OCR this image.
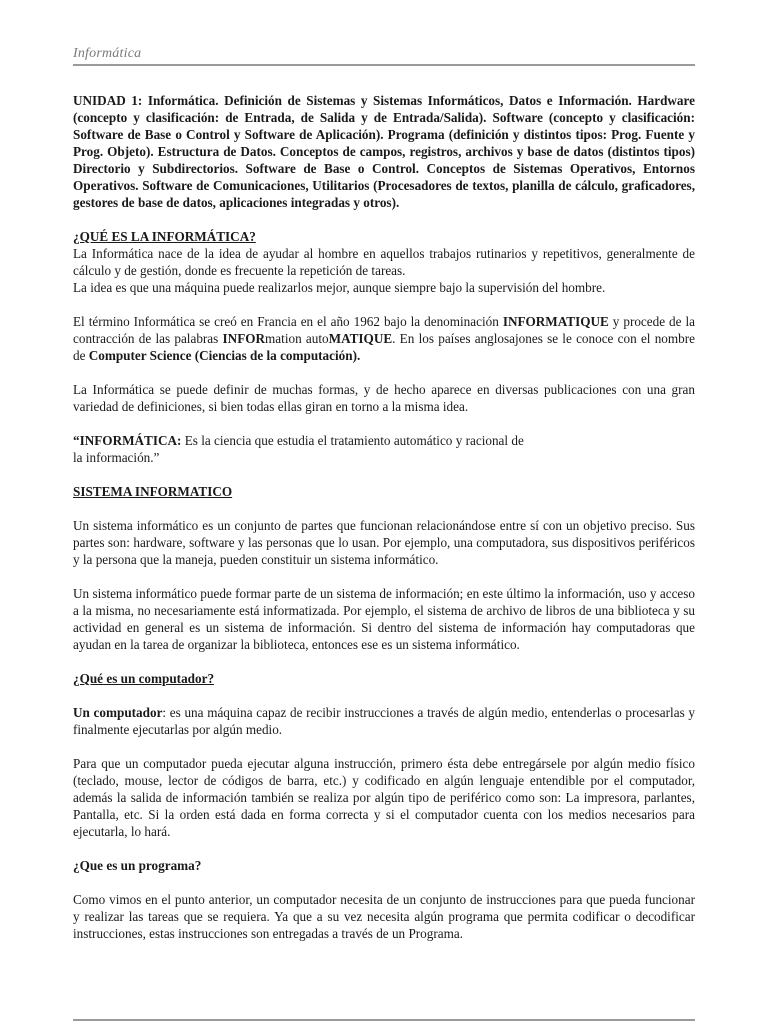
Informática

UNIDAD 1: Informática. Definición de Sistemas y Sistemas Informáticos, Datos e Información. Hardware (concepto y clasificación: de Entrada, de Salida y de Entrada/Salida). Software (concepto y clasificación: Software de Base o Control y Software de Aplicación). Programa (definición y distintos tipos: Prog. Fuente y Prog. Objeto). Estructura de Datos. Conceptos de campos, registros, archivos y base de datos (distintos tipos) Directorio y Subdirectorios. Software de Base o Control. Conceptos de Sistemas Operativos, Entornos Operativos. Software de Comunicaciones, Utilitarios (Procesadores de textos, planilla de cálculo, graficadores, gestores de base de datos, aplicaciones integradas y otros).

¿QUÉ ES LA INFORMÁTICA?

La Informática nace de la idea de ayudar al hombre en aquellos trabajos rutinarios y repetitivos, generalmente de cálculo y de gestión, donde es frecuente la repetición de tareas.

La idea es que una máquina puede realizarlos mejor, aunque siempre bajo la supervisión del hombre.

El término Informática se creó en Francia en el año 1962 bajo la denominación INFORMATIQUE y procede de la contracción de las palabras INFORmation autoMATIQUE. En los países anglosajones se le conoce con el nombre de Computer Science (Ciencias de la computación).

La Informática se puede definir de muchas formas, y de hecho aparece en diversas publicaciones con una gran variedad de definiciones, si bien todas ellas giran en torno a la misma idea.

“INFORMÁTICA: Es la ciencia que estudia el tratamiento automático y racional de
la información.”

SISTEMA INFORMATICO

Un sistema informático es un conjunto de partes que funcionan relacionándose entre sí con un objetivo preciso. Sus partes son: hardware, software y las personas que lo usan. Por ejemplo, una computadora, sus dispositivos periféricos y la persona que la maneja, pueden constituir un sistema informático.

Un sistema informático puede formar parte de un sistema de información; en este último la información, uso y acceso a la misma, no necesariamente está informatizada. Por ejemplo, el sistema de archivo de libros de una biblioteca y su actividad en general es un sistema de información. Si dentro del sistema de información hay computadoras que ayudan en la tarea de organizar la biblioteca, entonces ese es un sistema informático.

¿Qué es un computador?

Un computador: es una máquina capaz de recibir instrucciones a través de algún medio, entenderlas o procesarlas y finalmente ejecutarlas por algún medio.

Para que un computador pueda ejecutar alguna instrucción, primero ésta debe entregársele por algún medio físico (teclado, mouse, lector de códigos de barra, etc.) y codificado en algún lenguaje entendible por el computador, además la salida de información también se realiza por algún tipo de periférico como son: La impresora, parlantes, Pantalla, etc. Si la orden está dada en forma correcta y si el computador cuenta con los medios necesarios para ejecutarla, lo hará.

¿Que es un programa?

Como vimos en el punto anterior, un computador necesita de un conjunto de instrucciones para que pueda funcionar y realizar las tareas que se requiera. Ya que a su vez necesita algún programa que permita codificar o decodificar instrucciones, estas instrucciones son entregadas a través de un Programa.
